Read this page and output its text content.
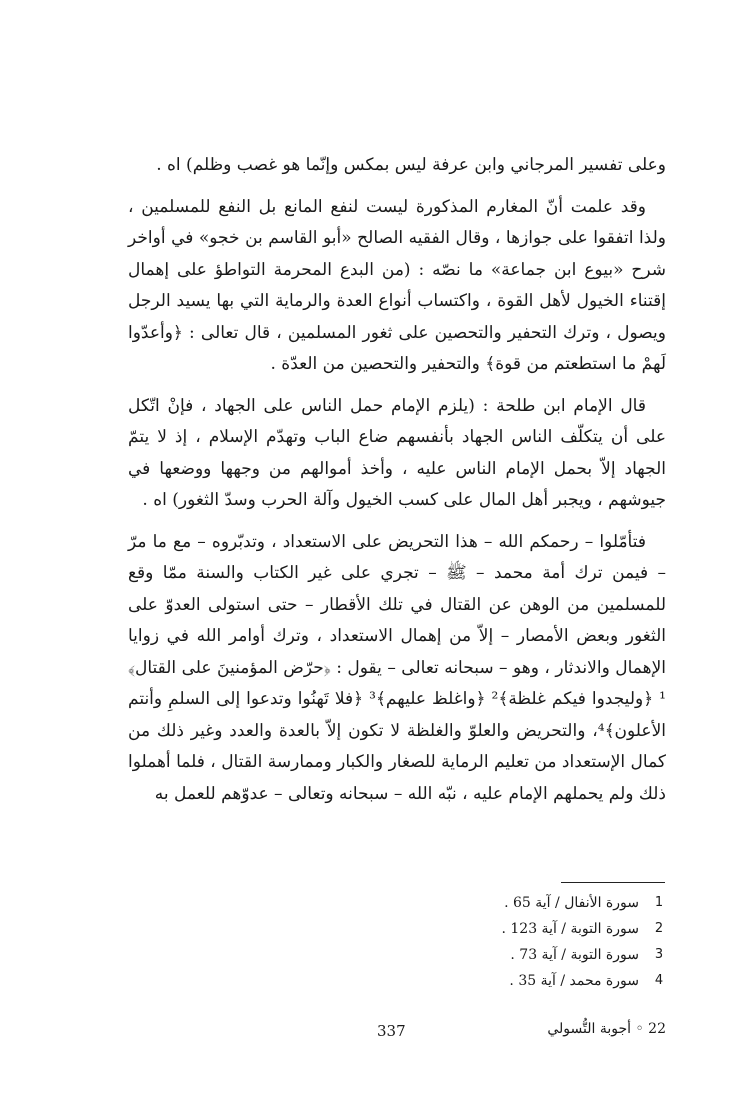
وعلى تفسير المرجاني وابن عرفة ليس بمكس وإنّما هو غصب وظلم) اه .

وقد علمت أنّ المغارم المذكورة ليست لنفع المانع بل النفع للمسلمين ، ولذا اتفقوا على جوازها ، وقال الفقيه الصالح «أبو القاسم بن خجو» في أواخر شرح «بيوع ابن جماعة» ما نصّه : (من البدع المحرمة التواطؤ على إهمال إقتناء الخيول لأهل القوة ، واكتساب أنواع العدة والرماية التي بها يسيد الرجل ويصول ، وترك التحفير والتحصين على ثغور المسلمين ، قال تعالى : ﴿وأعدّوا لَهمْ ما استطعتم من قوة﴾ والتحفير والتحصين من العدّة .

قال الإمام ابن طلحة : (يلزم الإمام حمل الناس على الجهاد ، فإنْ اتّكل على أن يتكلّف الناس الجهاد بأنفسهم ضاع الباب وتهدّم الإسلام ، إذ لا يتمّ الجهاد إلاّ بحمل الإمام الناس عليه ، وأخذ أموالهم من وجهها ووضعها في جيوشهم ، ويجبر أهل المال على كسب الخيول وآلة الحرب وسدّ الثغور) اه .

فتأمّلوا – رحمكم الله – هذا التحريض على الاستعداد ، وتدبّروه – مع ما مرّ – فيمن ترك أمة محمد – ﷺ – تجري على غير الكتاب والسنة ممّا وقع للمسلمين من الوهن عن القتال في تلك الأقطار – حتى استولى العدوّ على الثغور وبعض الأمصار – إلاّ من إهمال الاستعداد ، وترك أوامر الله في زوايا الإهمال والاندثار ، وهو – سبحانه تعالى – يقول : ﴿حرّض المؤمنينَ على القتال﴾¹ ﴿وليجدوا فيكم غلظة﴾² ﴿واغلظ عليهم﴾³ ﴿فلا تَهنُوا وتدعوا إلى السلمِ وأنتم الأعلون﴾⁴، والتحريض والعلوّ والغلظة لا تكون إلاّ بالعدة والعدد وغير ذلك من كمال الإستعداد من تعليم الرماية للصغار والكبار وممارسة القتال ، فلما أهملوا ذلك ولم يحملهم الإمام عليه ، نبّه الله – سبحانه وتعالى – عدوّهم للعمل به

1
سورة الأنفال / آية 65 .
2
سورة التوبة / آية 123 .
3
سورة التوبة / آية 73 .
4
سورة محمد / آية 35 .
337	22 ◦ أجوبة التُّسولي
